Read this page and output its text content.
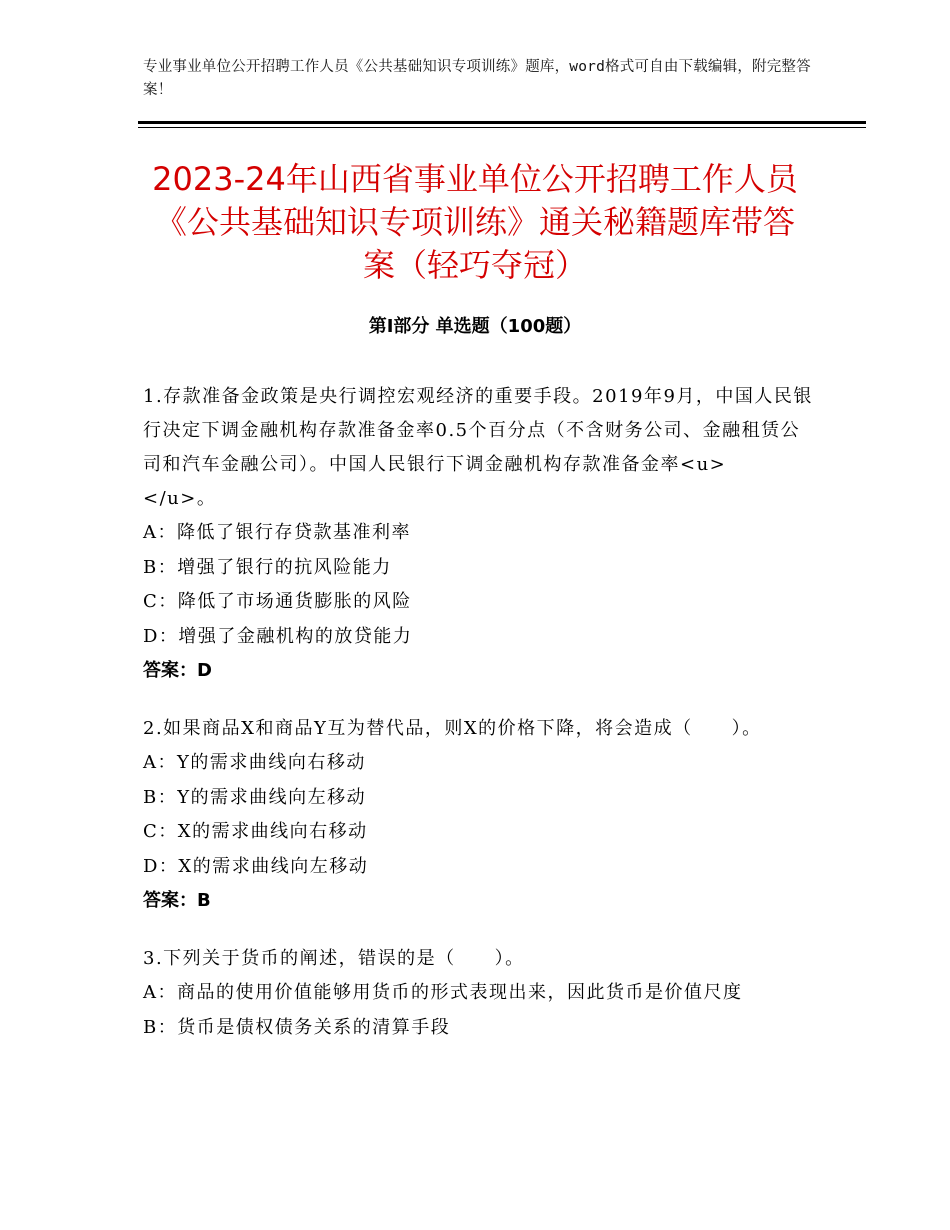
专业事业单位公开招聘工作人员《公共基础知识专项训练》题库，word格式可自由下载编辑，附完整答案！
2023-24年山西省事业单位公开招聘工作人员《公共基础知识专项训练》通关秘籍题库带答案（轻巧夺冠）
第Ⅰ部分 单选题（100题）

1.存款准备金政策是央行调控宏观经济的重要手段。2019年9月，中国人民银行决定下调金融机构存款准备金率0.5个百分点（不含财务公司、金融租赁公司和汽车金融公司）。中国人民银行下调金融机构存款准备金率<u>　　　　　</u>。

A：降低了银行存贷款基准利率
B：增强了银行的抗风险能力
C：降低了市场通货膨胀的风险
D：增强了金融机构的放贷能力
答案：D

2.如果商品X和商品Y互为替代品，则X的价格下降，将会造成（　　）。

A：Y的需求曲线向右移动
B：Y的需求曲线向左移动
C：X的需求曲线向右移动
D：X的需求曲线向左移动
答案：B

3.下列关于货币的阐述，错误的是（　　）。

A：商品的使用价值能够用货币的形式表现出来，因此货币是价值尺度
B：货币是债权债务关系的清算手段
